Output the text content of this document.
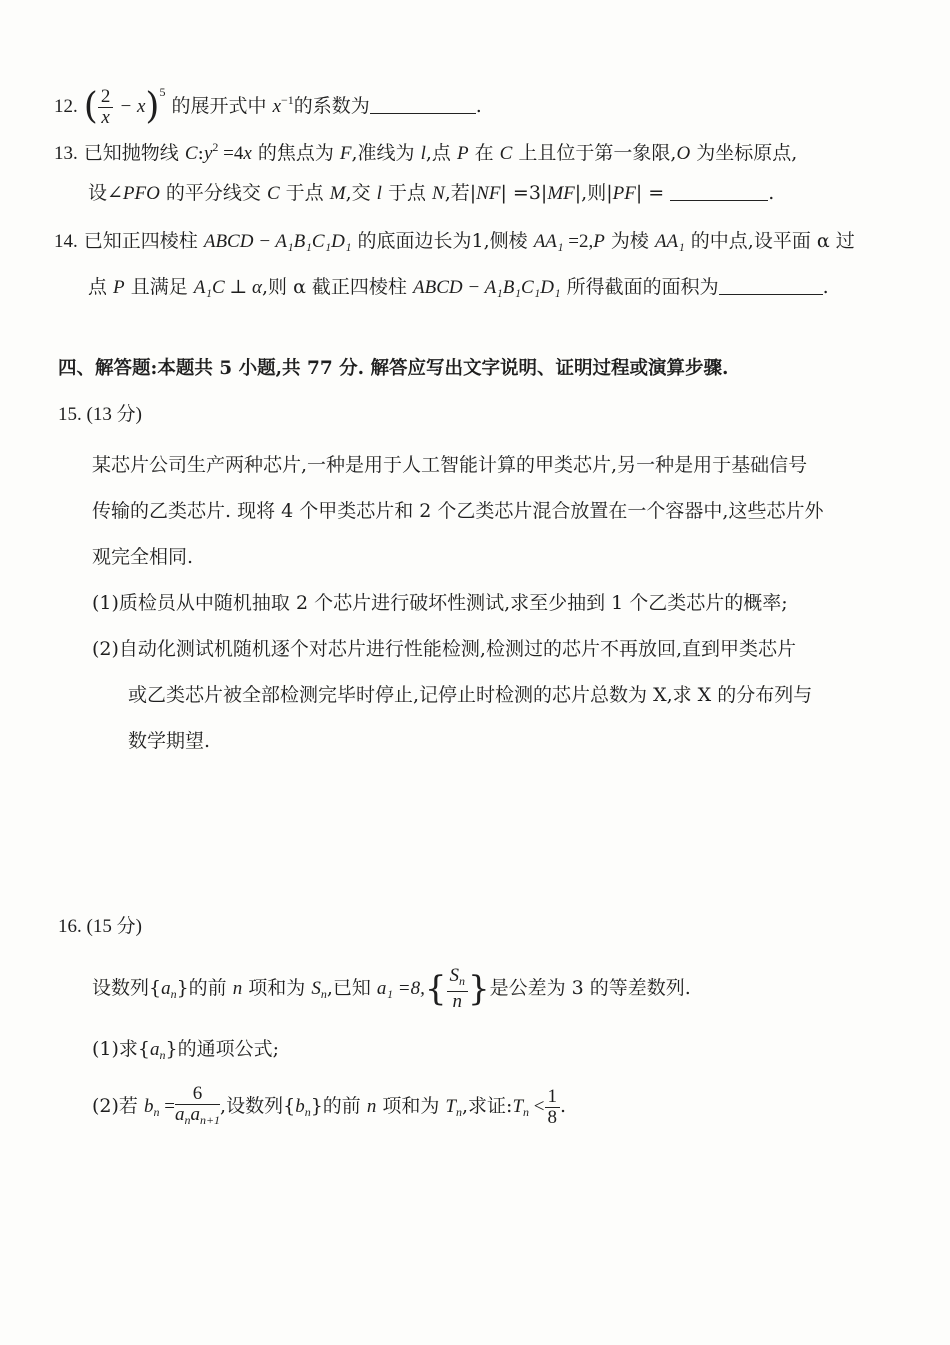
12. ( $\frac{2}{x} - x)^5$ 的展开式中 $x^{-1}$的系数为	.
13. 已知抛物线 $C:y^2 =4x$ 的焦点为 F,准线为 l,点 P 在 C 上且位于第一象限,O 为坐标原点,
设∠PFO 的平分线交 C 于点 M,交 l 于点 N,若|NF| =3|MF|,则|PF| =	.
14. 已知正四棱柱 ABCD − A₁B₁C₁D₁ 的底面边长为1,侧棱 AA₁ =2,P 为棱 AA₁ 的中点,设平面 α 过
点 P 且满足 A₁C ⊥ α,则 α 截正四棱柱 ABCD − A₁B₁C₁D₁ 所得截面的面积为	.
四、解答题:本题共 5 小题,共 77 分. 解答应写出文字说明、证明过程或演算步骤.
15. (13 分)
某芯片公司生产两种芯片,一种是用于人工智能计算的甲类芯片,另一种是用于基础信号
传输的乙类芯片. 现将 4 个甲类芯片和 2 个乙类芯片混合放置在一个容器中,这些芯片外
观完全相同.
(1)质检员从中随机抽取 2 个芯片进行破坏性测试,求至少抽到 1 个乙类芯片的概率;
(2)自动化测试机随机逐个对芯片进行性能检测,检测过的芯片不再放回,直到甲类芯片
或乙类芯片被全部检测完毕时停止,记停止时检测的芯片总数为 X,求 X 的分布列与
数学期望.
16. (15 分)
设数列$\{a_n\}$的前 n 项和为 $S_n$,已知 $a_1 =8,\{ \frac{S_n}{n}$ }是公差为 3 的等差数列.
(1)求$\{a_n\}$的通项公式;
(2)若 $b_n = \frac{6}{a_na_{n+1}}$ ,设数列$\{b_n\}$的前 n 项和为 $T_n$,求证$:T_n < \frac{1}{8}$ .
